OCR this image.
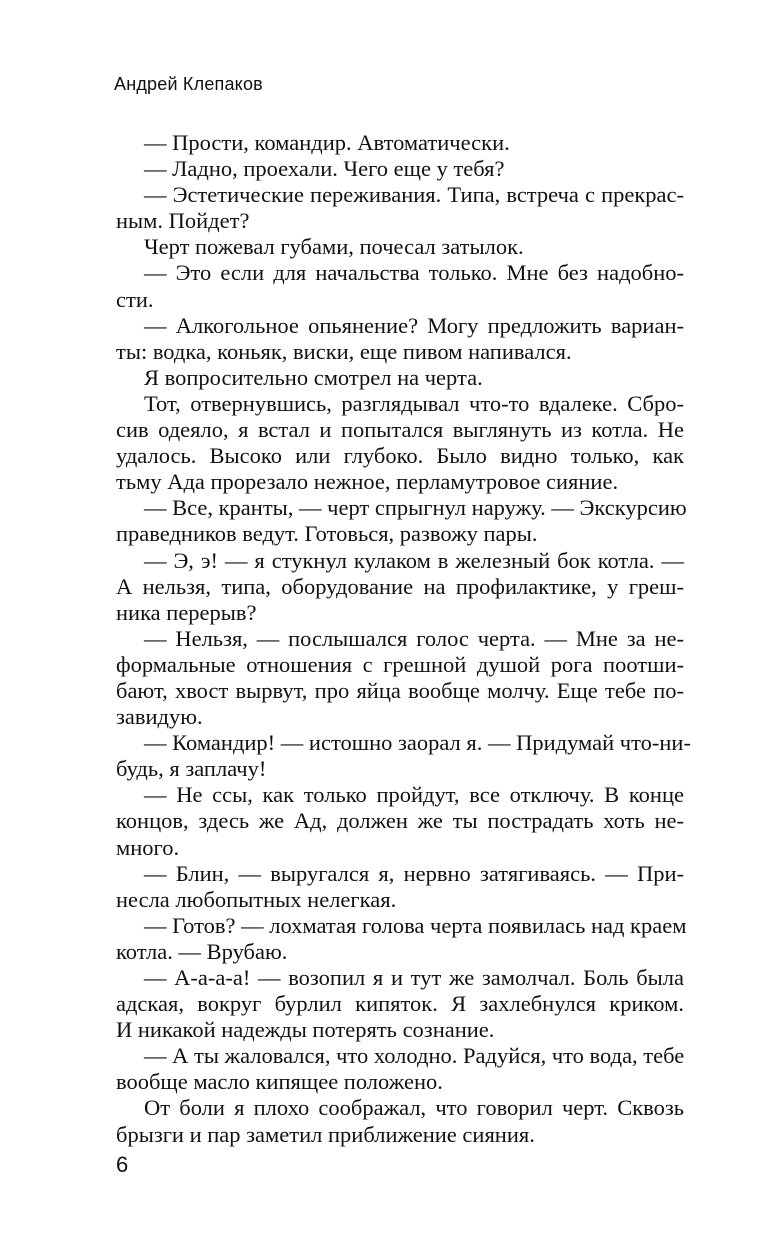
Андрей Клепаков
— Прости, командир. Автоматически.
— Ладно, проехали. Чего еще у тебя?
— Эстетические переживания. Типа, встреча с прекрас-
ным. Пойдет?
Черт пожевал губами, почесал затылок.
— Это если для начальства только. Мне без надобно-
сти.
— Алкогольное опьянение? Могу предложить вариан-
ты: водка, коньяк, виски, еще пивом напивался.
Я вопросительно смотрел на черта.
Тот, отвернувшись, разглядывал что-то вдалеке. Сбро-
сив одеяло, я встал и попытался выглянуть из котла. Не
удалось. Высоко или глубоко. Было видно только, как
тьму Ада прорезало нежное, перламутровое сияние.
— Все, кранты, — черт спрыгнул наружу. — Экскурсию
праведников ведут. Готовься, развожу пары.
— Э, э! — я стукнул кулаком в железный бок котла. —
А нельзя, типа, оборудование на профилактике, у греш-
ника перерыв?
— Нельзя, — послышался голос черта. — Мне за не-
формальные отношения с грешной душой рога поотши-
бают, хвост вырвут, про яйца вообще молчу. Еще тебе по-
завидую.
— Командир! — истошно заорал я. — Придумай что-ни-
будь, я заплачу!
— Не ссы, как только пройдут, все отключу. В конце
концов, здесь же Ад, должен же ты пострадать хоть не-
много.
— Блин, — выругался я, нервно затягиваясь. — При-
несла любопытных нелегкая.
— Готов? — лохматая голова черта появилась над краем
котла. — Врубаю.
— А-а-а-а! — возопил я и тут же замолчал. Боль была
адская, вокруг бурлил кипяток. Я захлебнулся криком.
И никакой надежды потерять сознание.
— А ты жаловался, что холодно. Радуйся, что вода, тебе
вообще масло кипящее положено.
От боли я плохо соображал, что говорил черт. Сквозь
брызги и пар заметил приближение сияния.
6
